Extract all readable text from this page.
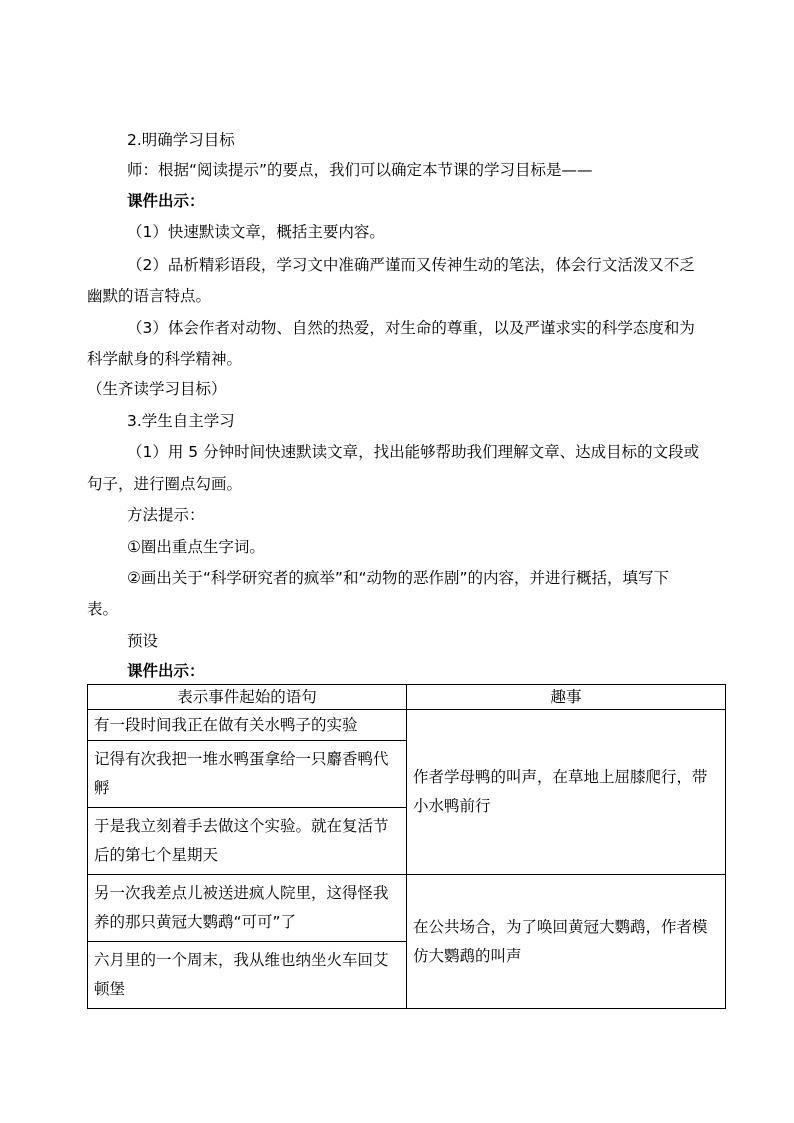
2.明确学习目标
师：根据“阅读提示”的要点，我们可以确定本节课的学习目标是——
课件出示：
（1）快速默读文章，概括主要内容。
（2）品析精彩语段，学习文中准确严谨而又传神生动的笔法，体会行文活泼又不乏
幽默的语言特点。
（3）体会作者对动物、自然的热爱，对生命的尊重，以及严谨求实的科学态度和为
科学献身的科学精神。
（生齐读学习目标）
3.学生自主学习
（1）用 5 分钟时间快速默读文章，找出能够帮助我们理解文章、达成目标的文段或
句子，进行圈点勾画。
方法提示：
①圈出重点生字词。
②画出关于“科学研究者的疯举”和“动物的恶作剧”的内容，并进行概括，填写下
表。
预设
课件出示：
表示事件起始的语句	趣事
有一段时间我正在做有关水鸭子的实验	作者学母鸭的叫声，在草地上屈膝爬行，带小水鸭前行
记得有次我把一堆水鸭蛋拿给一只麝香鸭代孵	
于是我立刻着手去做这个实验。就在复活节后的第七个星期天	
另一次我差点儿被送进疯人院里，这得怪我养的那只黄冠大鹦鹉“可可”了	在公共场合，为了唤回黄冠大鹦鹉，作者模仿大鹦鹉的叫声
六月里的一个周末，我从维也纳坐火车回艾顿堡	
